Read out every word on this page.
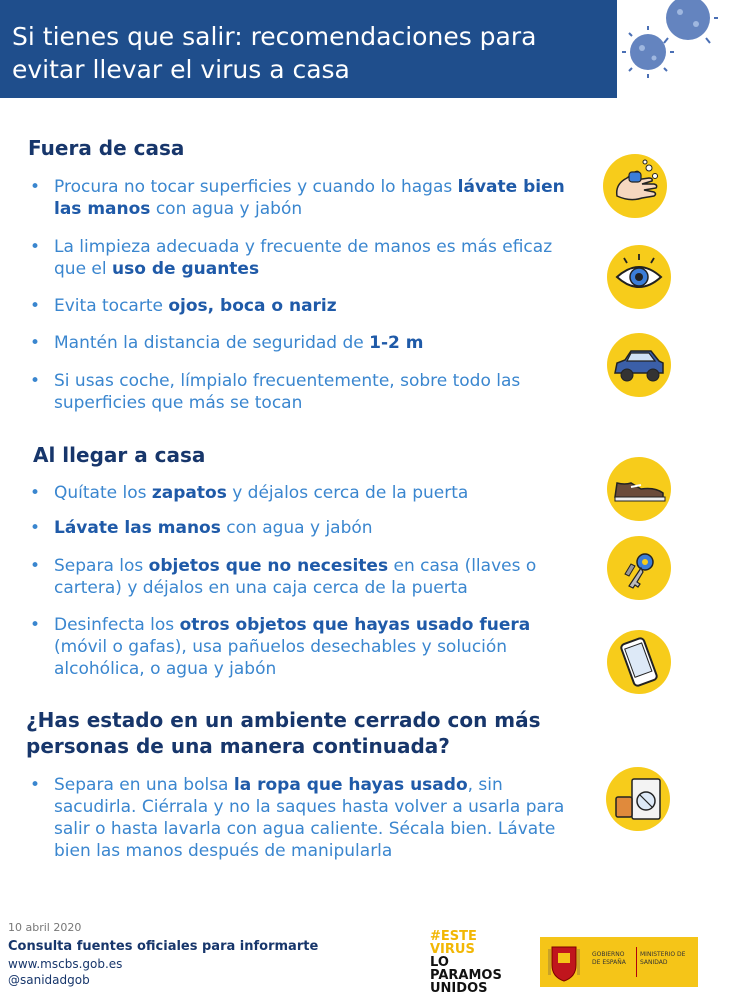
Si tienes que salir: recomendaciones para evitar llevar el virus a casa
Fuera de casa
• Procura no tocar superficies y cuando lo hagas lávate bien las manos con agua y jabón
• La limpieza adecuada y frecuente de manos es más eficaz que el uso de guantes
• Evita tocarte ojos, boca o nariz
• Mantén la distancia de seguridad de 1-2 m
• Si usas coche, límpialo frecuentemente, sobre todo las superficies que más se tocan
Al llegar a casa
• Quítate los zapatos y déjalos cerca de la puerta
• Lávate las manos con agua y jabón
• Separa los objetos que no necesites en casa (llaves o cartera) y déjalos en una caja cerca de la puerta
• Desinfecta los otros objetos que hayas usado fuera (móvil o gafas), usa pañuelos desechables y solución alcohólica, o agua y jabón
¿Has estado en un ambiente cerrado con más personas de una manera continuada?
• Separa en una bolsa la ropa que hayas usado, sin sacudirla. Ciérrala y no la saques hasta volver a usarla para salir o hasta lavarla con agua caliente. Sécala bien. Lávate bien las manos después de manipularla
10 abril 2020
Consulta fuentes oficiales para informarte
www.mscbs.gob.es
@sanidadgob
#ESTE
VIRUS
LO
PARAMOS
UNIDOS
GOBIERNO DE ESPAÑA
MINISTERIO DE SANIDAD
